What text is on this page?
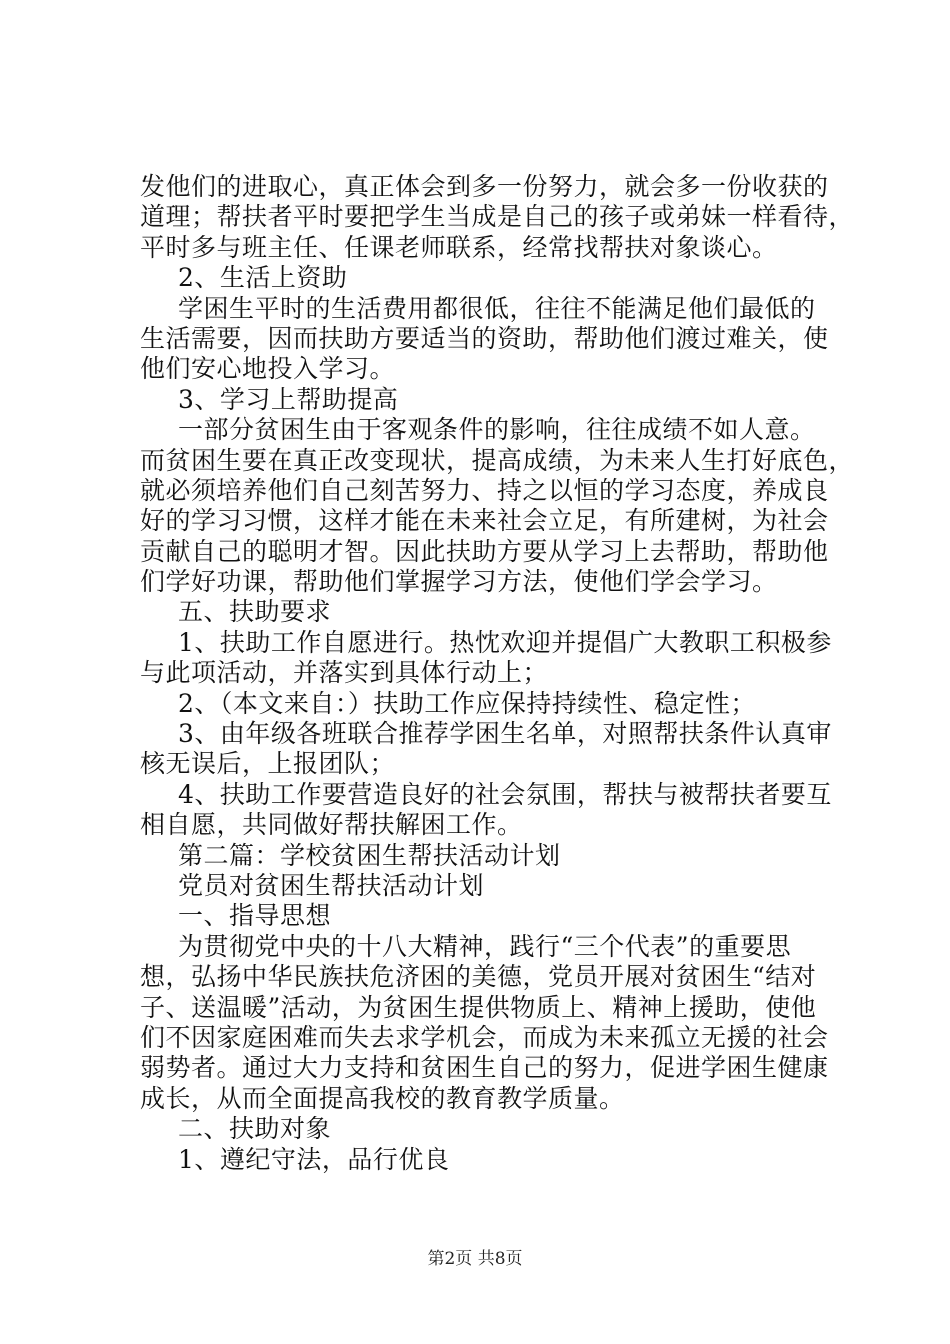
发他们的进取心，真正体会到多一份努力，就会多一份收获的
道理；帮扶者平时要把学生当成是自己的孩子或弟妹一样看待，
平时多与班主任、任课老师联系，经常找帮扶对象谈心。
2、生活上资助
学困生平时的生活费用都很低，往往不能满足他们最低的
生活需要，因而扶助方要适当的资助，帮助他们渡过难关，使
他们安心地投入学习。
3、学习上帮助提高
一部分贫困生由于客观条件的影响，往往成绩不如人意。
而贫困生要在真正改变现状，提高成绩，为未来人生打好底色，
就必须培养他们自己刻苦努力、持之以恒的学习态度，养成良
好的学习习惯，这样才能在未来社会立足，有所建树，为社会
贡献自己的聪明才智。因此扶助方要从学习上去帮助，帮助他
们学好功课，帮助他们掌握学习方法，使他们学会学习。
五、扶助要求
1、扶助工作自愿进行。热忱欢迎并提倡广大教职工积极参
与此项活动，并落实到具体行动上；
2、（本文来自：）扶助工作应保持持续性、稳定性；
3、由年级各班联合推荐学困生名单，对照帮扶条件认真审
核无误后，上报团队；
4、扶助工作要营造良好的社会氛围，帮扶与被帮扶者要互
相自愿，共同做好帮扶解困工作。
第二篇：学校贫困生帮扶活动计划
党员对贫困生帮扶活动计划
一、指导思想
为贯彻党中央的十八大精神，践行“三个代表”的重要思
想，弘扬中华民族扶危济困的美德，党员开展对贫困生“结对
子、送温暖”活动，为贫困生提供物质上、精神上援助，使他
们不因家庭困难而失去求学机会，而成为未来孤立无援的社会
弱势者。通过大力支持和贫困生自己的努力，促进学困生健康
成长，从而全面提高我校的教育教学质量。
二、扶助对象
1、遵纪守法，品行优良
第2页 共8页
